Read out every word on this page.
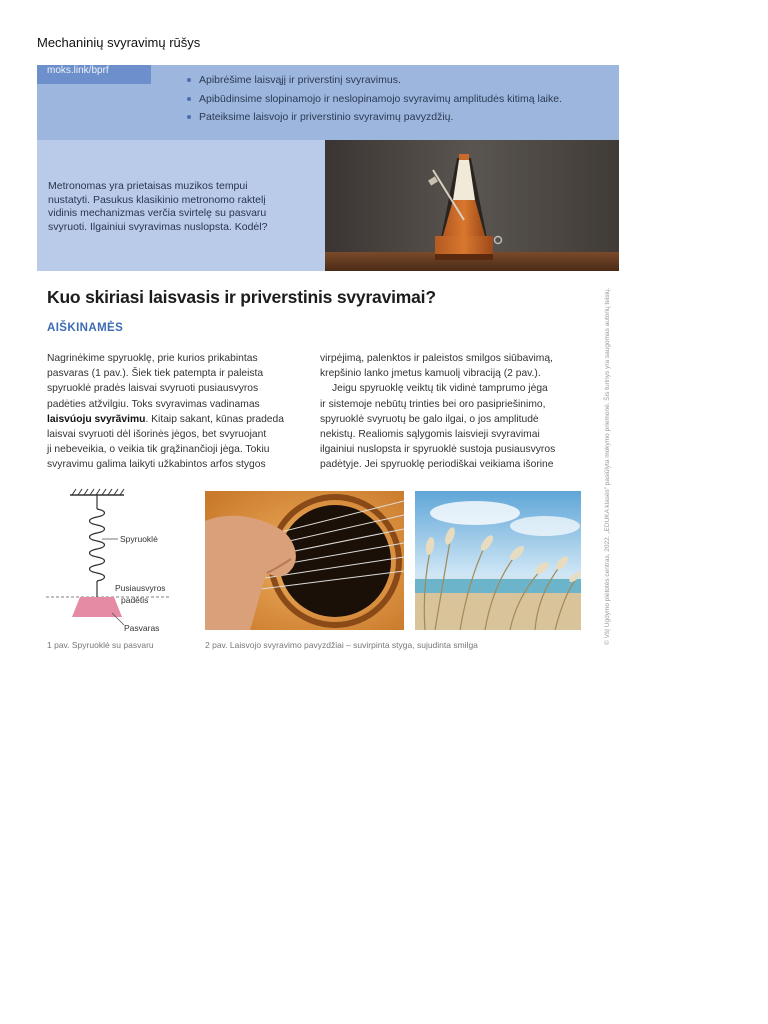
Mechaninių svyravimų rūšys
moks.link/bprf
Apibrėšime laisvąjį ir priverstinį svyravimus.
Apibūdinsime slopinamojo ir neslopinamojo svyravimų amplitudės kitimą laike.
Pateiksime laisvojo ir priverstinio svyravimų pavyzdžių.
Metronomas yra prietaisas muzikos tempui
nustatyti. Pasukus klasikinio metronomo raktelį
vidinis mechanizmas verčia svirtelę su pasvaru
svyruoti. Ilgainiui svyravimas nuslopsta. Kodėl?
Kuo skiriasi laisvasis ir priverstinis svyravimai?
AIŠKINAMĖS
Nagrinėkime spyruoklę, prie kurios prikabintas
pasvaras (1 pav.). Šiek tiek patempta ir paleista
spyruoklė pradės laisvai svyruoti pusiausvyros
padėties atžvilgiu. Toks svyravimas vadinamas
laisvúoju svyrãvimu. Kitaip sakant, kūnas pradeda
laisvai svyruoti dėl išorinės jėgos, bet svyruojant
ji nebeveikia, o veikia tik grąžinančioji jėga. Tokiu
svyravimu galima laikyti užkabintos arfos stygos
virpėjimą, palenktos ir paleistos smilgos siūbavimą,
krepšinio lanko jmetus kamuolį vibraciją (2 pav.).
Jeigu spyruoklę veiktų tik vidinė tamprumo jėga
ir sistemoje nebūtų trinties bei oro pasipriešinimo,
spyruoklė svyruotų be galo ilgai, o jos amplitudė
nekistų. Realiomis sąlygomis laisvieji svyravimai
ilgainiui nuslopsta ir spyruoklė sustoja pusiausvyros
padėtyje. Jei spyruoklę periodiškai veikiama išorine
Spyruoklė
Pusiausvyros
padėtis
Pasvaras
1 pav. Spyruoklė su pasvaru	2 pav. Laisvojo svyravimo pavyzdžiai – suvirpinta styga, sujudinta smilga	© VšĮ Ugdymo plėtotės centras, 2022. „EDUKA klasės“ pasiūlyta mokymo priemonė. Šis turinys yra saugomas autorių teisių.
